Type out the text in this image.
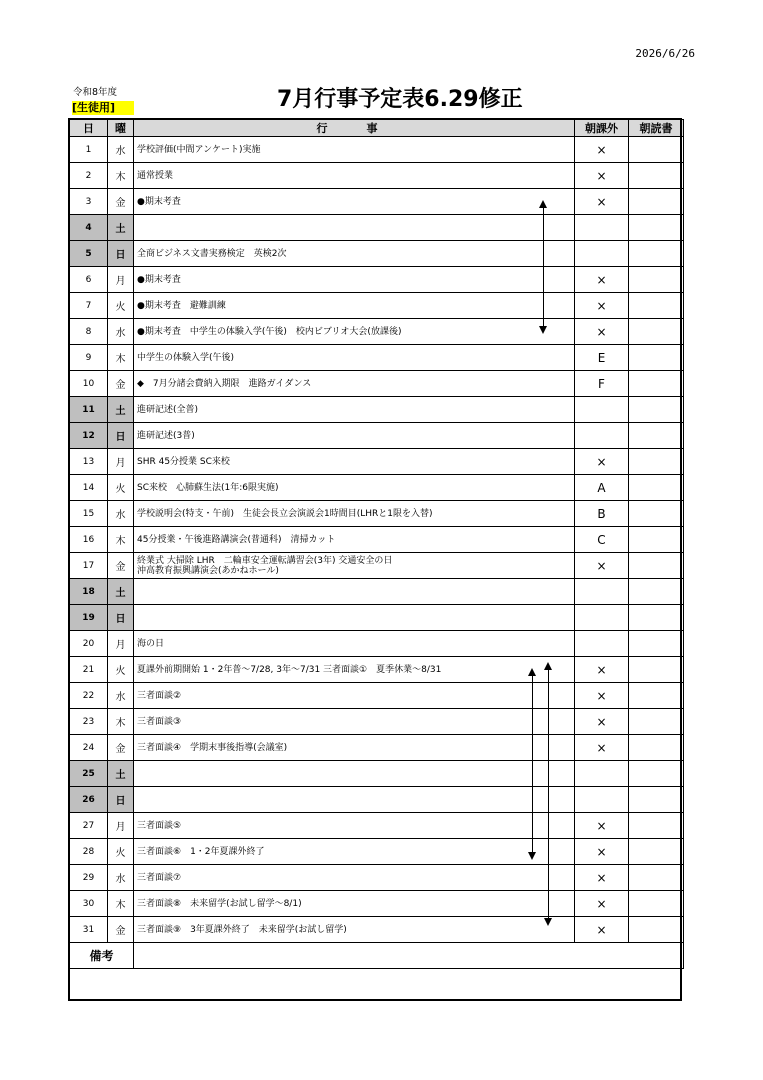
2026/6/26
令和8年度
[生徒用]	7月行事予定表6.29修正
日	曜	行　事	朝課外	朝読書
1	水	学校評価(中間アンケート)実施	×	
2	木	通常授業	×	
3	金	●期末考査	×	
4	土			
5	日	全商ビジネス文書実務検定　英検2次		
6	月	●期末考査	×	
7	火	●期末考査　避難訓練	×	
8	水	●期末考査　中学生の体験入学(午後)　校内ビブリオ大会(放課後)	×	
9	木	中学生の体験入学(午後)	E	
10	金	◆　7月分諸会費納入期限　進路ガイダンス	F	
11	土	進研記述(全普)		
12	日	進研記述(3普)		
13	月	SHR 45分授業 SC来校	×	
14	火	SC来校　心肺蘇生法(1年:6限実施)	A	
15	水	学校説明会(特支・午前)　生徒会長立会演説会1時間目(LHRと1限を入替)	B	
16	木	45分授業・午後進路講演会(普通科)　清掃カット	C	
17	金	終業式 大掃除 LHR　二輪車安全運転講習会(3年) 交通安全の日
沖高教育振興講演会(あかねホール)	×	
18	土			
19	日			
20	月	海の日		
21	火	夏課外前期開始 1・2年普～7/28, 3年～7/31 三者面談①　夏季休業～8/31	×	
22	水	三者面談②	×	
23	木	三者面談③	×	
24	金	三者面談④　学期末事後指導(会議室)	×	
25	土			
26	日			
27	月	三者面談⑤	×	
28	火	三者面談⑥　1・2年夏課外終了	×	
29	水	三者面談⑦	×	
30	木	三者面談⑧　未来留学(お試し留学～8/1)	×	
31	金	三者面談⑨　3年夏課外終了　未来留学(お試し留学)	×	
備考				
